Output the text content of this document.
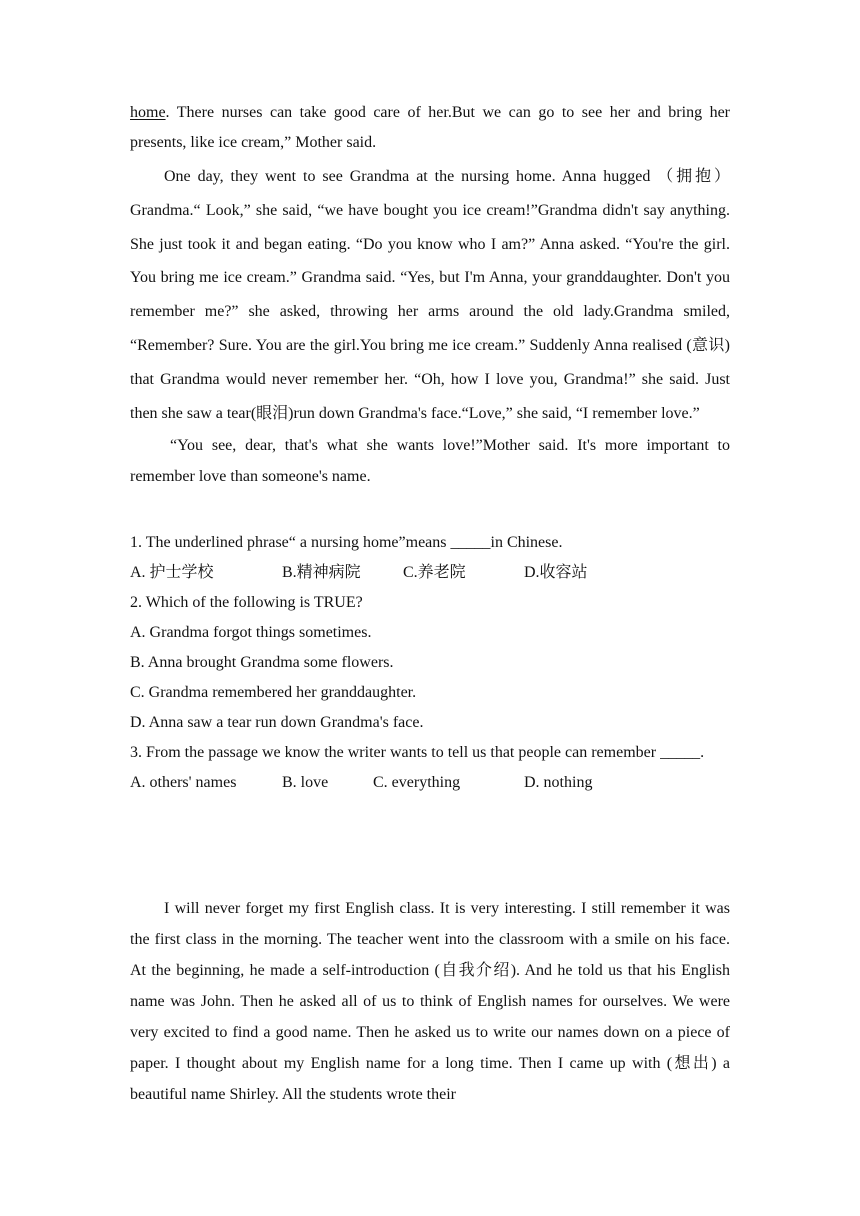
home. There nurses can take good care of her.But we can go to see her and bring her presents, like ice cream,” Mother said.

One day, they went to see Grandma at the nursing home. Anna hugged （拥抱）Grandma.“ Look,” she said, “we have bought you ice cream!”Grandma didn't say anything. She just took it and began eating. “Do you know who I am?” Anna asked. “You're the girl. You bring me ice cream.” Grandma said. “Yes, but I'm Anna, your granddaughter. Don't you remember me?” she asked, throwing her arms around the old lady.Grandma smiled, “Remember? Sure. You are the girl.You bring me ice cream.” Suddenly Anna realised (意识) that Grandma would never remember her. “Oh, how I love you, Grandma!” she said. Just then she saw a tear(眼泪)run down Grandma's face.“Love,” she said, “I remember love.”

“You see, dear, that's what she wants love!”Mother said. It's more important to remember love than someone's name.

1. The underlined phrase“ a nursing home”means _____in Chinese.

A. 护士学校	B.精神病院	C.养老院	D.收容站

2. Which of the following is TRUE?

A. Grandma forgot things sometimes.

B. Anna brought Grandma some flowers.

C. Grandma remembered her granddaughter.

D. Anna saw a tear run down Grandma's face.

3. From the passage we know the writer wants to tell us that people can remember _____.

A. others' names	B. love	C. everything	D. nothing

I will never forget my first English class. It is very interesting. I still remember it was the first class in the morning. The teacher went into the classroom with a smile on his face. At the beginning, he made a self-introduction (自我介绍). And he told us that his English name was John. Then he asked all of us to think of English names for ourselves. We were very excited to find a good name. Then he asked us to write our names down on a piece of paper. I thought about my English name for a long time. Then I came up with (想出) a beautiful name Shirley. All the students wrote their
